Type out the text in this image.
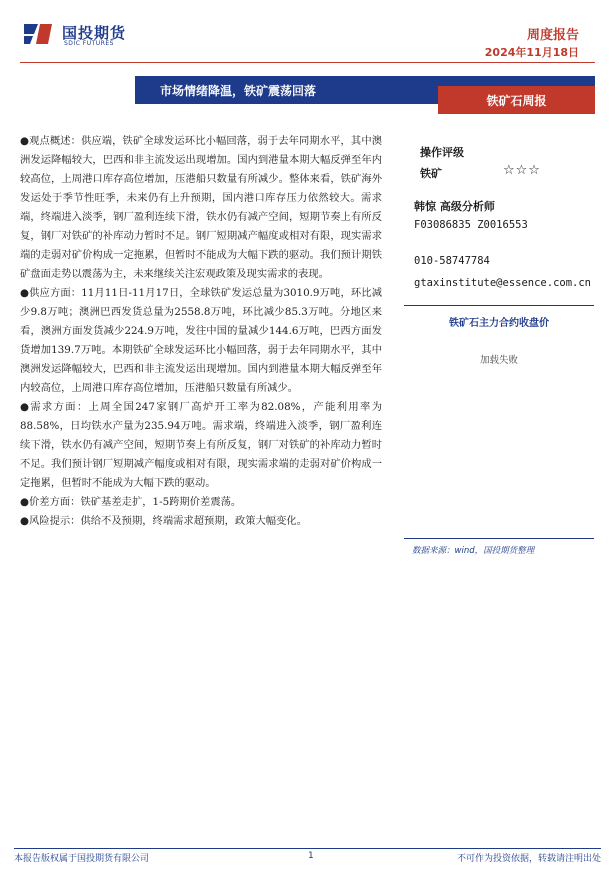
国投期货
SDIC FUTURES
周度报告
2024年11月18日
市场情绪降温，铁矿震荡回落
铁矿石周报

●观点概述：供应端，铁矿全球发运环比小幅回落，弱于去年同期水平，其中澳洲发运降幅较大，巴西和非主流发运出现增加。国内到港量本期大幅反弹至年内较高位，上周港口库存高位增加，压港船只数量有所减少。整体来看，铁矿海外发运处于季节性旺季，未来仍有上升预期，国内港口库存压力依然较大。需求端，终端进入淡季，钢厂盈利连续下滑，铁水仍有减产空间，短期节奏上有所反复，钢厂对铁矿的补库动力暂时不足。钢厂短期减产幅度或相对有限，现实需求端的走弱对矿价构成一定拖累，但暂时不能成为大幅下跌的驱动。我们预计期铁矿盘面走势以震荡为主，未来继续关注宏观政策及现实需求的表现。

●供应方面：11月11日-11月17日，全球铁矿发运总量为3010.9万吨，环比减少9.8万吨；澳洲巴西发货总量为2558.8万吨，环比减少85.3万吨。分地区来看，澳洲方面发货减少224.9万吨，发往中国的量减少144.6万吨，巴西方面发货增加139.7万吨。本期铁矿全球发运环比小幅回落，弱于去年同期水平，其中澳洲发运降幅较大，巴西和非主流发运出现增加。国内到港量本期大幅反弹至年内较高位，上周港口库存高位增加，压港船只数量有所减少。

●需求方面：上周全国247家钢厂高炉开工率为82.08%，产能利用率为88.58%，日均铁水产量为235.94万吨。需求端，终端进入淡季，钢厂盈利连续下滑，铁水仍有减产空间，短期节奏上有所反复，钢厂对铁矿的补库动力暂时不足。我们预计钢厂短期减产幅度或相对有限，现实需求端的走弱对矿价构成一定拖累，但暂时不能成为大幅下跌的驱动。

●价差方面：铁矿基差走扩，1-5跨期价差震荡。

●风险提示：供给不及预期，终端需求超预期，政策大幅变化。

操作评级
铁矿	☆☆☆
韩惊 高级分析师
F03086835 Z0016553
010-58747784
gtaxinstitute@essence.com.cn
铁矿石主力合约收盘价
加载失败
数据来源：wind，国投期货整理
本报告版权属于国投期货有限公司	1	不可作为投资依据，转载请注明出处
